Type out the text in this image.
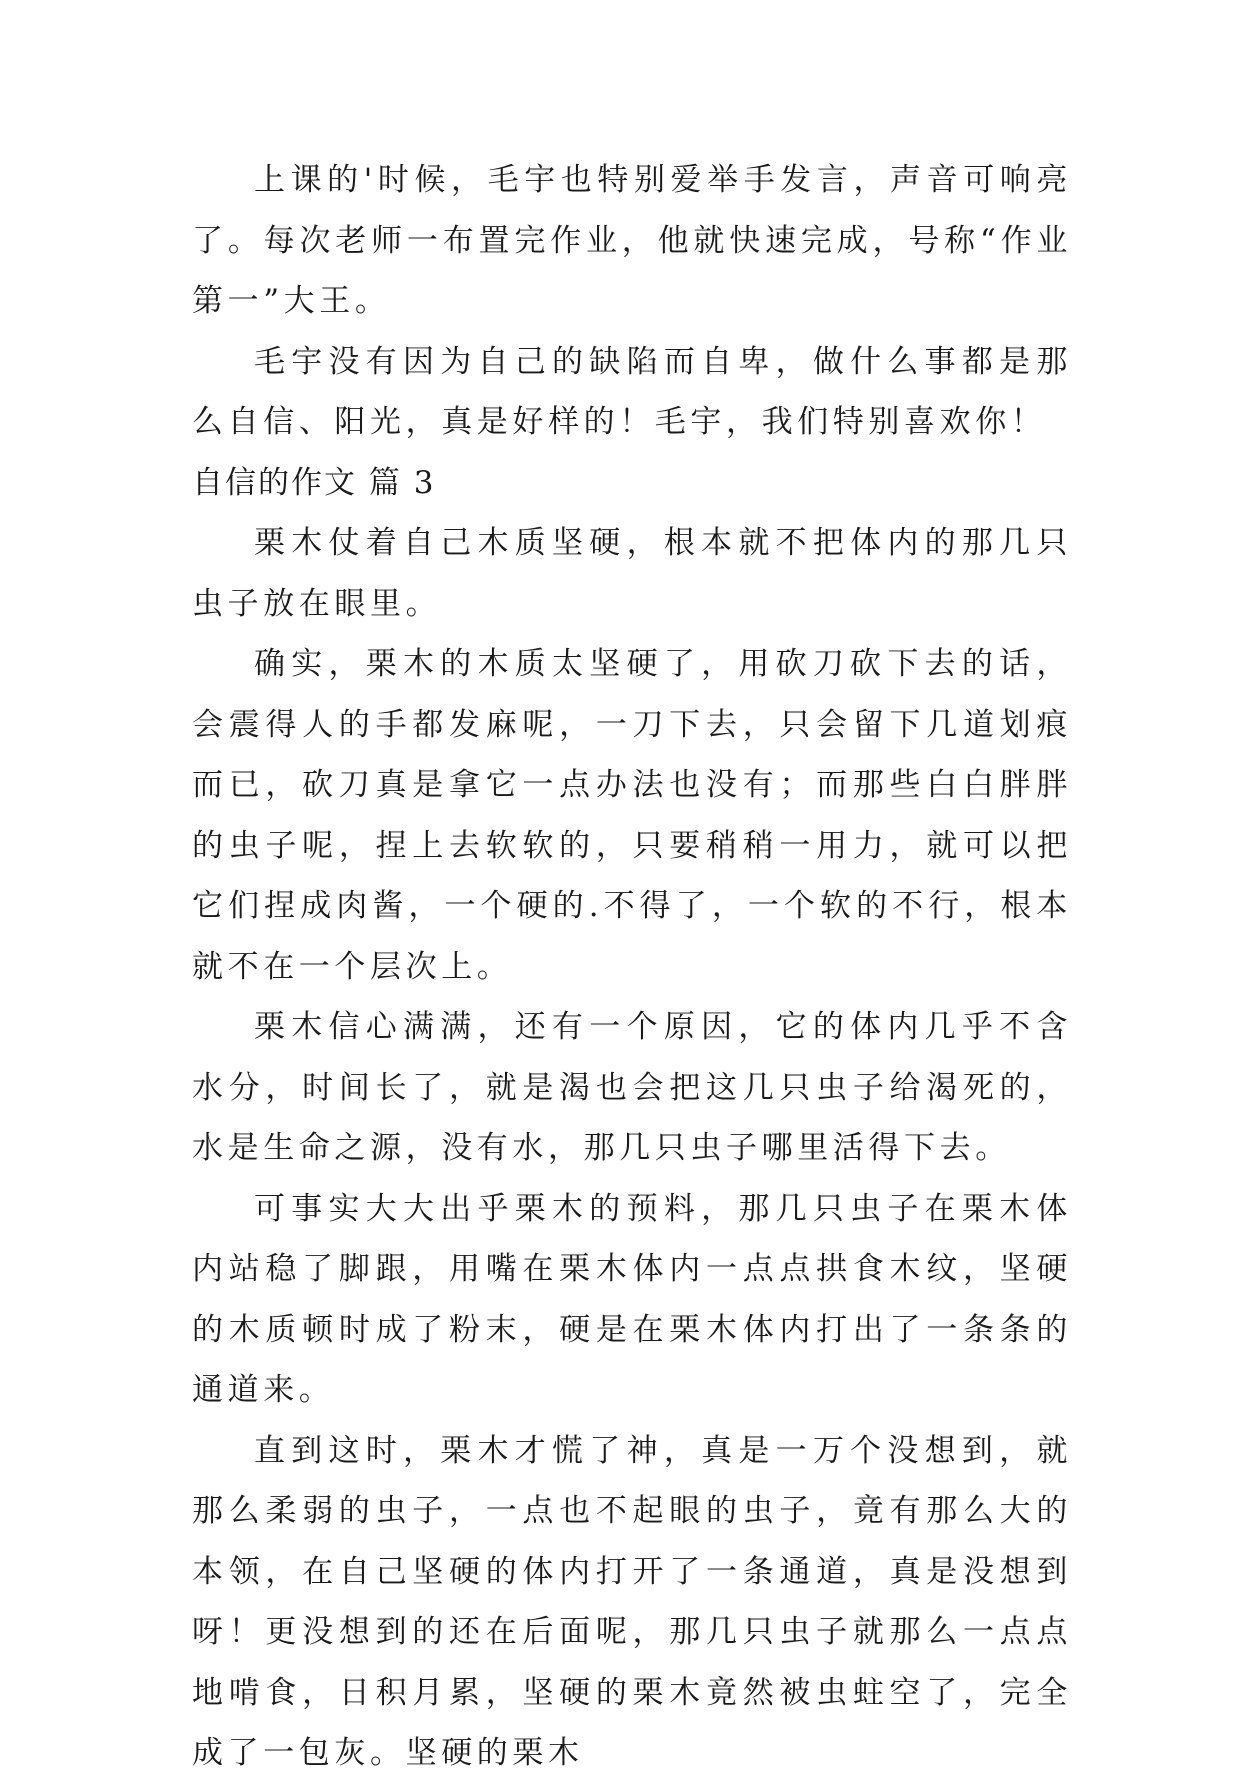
上课的'时候，毛宇也特别爱举手发言，声音可响亮了。每次老师一布置完作业，他就快速完成，号称“作业第一”大王。

毛宇没有因为自己的缺陷而自卑，做什么事都是那么自信、阳光，真是好样的！毛宇，我们特别喜欢你！

自信的作文 篇 3

栗木仗着自己木质坚硬，根本就不把体内的那几只虫子放在眼里。

确实，栗木的木质太坚硬了，用砍刀砍下去的话，会震得人的手都发麻呢，一刀下去，只会留下几道划痕而已，砍刀真是拿它一点办法也没有；而那些白白胖胖的虫子呢，捏上去软软的，只要稍稍一用力，就可以把它们捏成肉酱，一个硬的.不得了，一个软的不行，根本就不在一个层次上。

栗木信心满满，还有一个原因，它的体内几乎不含水分，时间长了，就是渴也会把这几只虫子给渴死的，水是生命之源，没有水，那几只虫子哪里活得下去。

可事实大大出乎栗木的预料，那几只虫子在栗木体内站稳了脚跟，用嘴在栗木体内一点点拱食木纹，坚硬的木质顿时成了粉末，硬是在栗木体内打出了一条条的通道来。

直到这时，栗木才慌了神，真是一万个没想到，就那么柔弱的虫子，一点也不起眼的虫子，竟有那么大的本领，在自己坚硬的体内打开了一条通道，真是没想到呀！更没想到的还在后面呢，那几只虫子就那么一点点地啃食，日积月累，坚硬的栗木竟然被虫蛀空了，完全成了一包灰。坚硬的栗木
